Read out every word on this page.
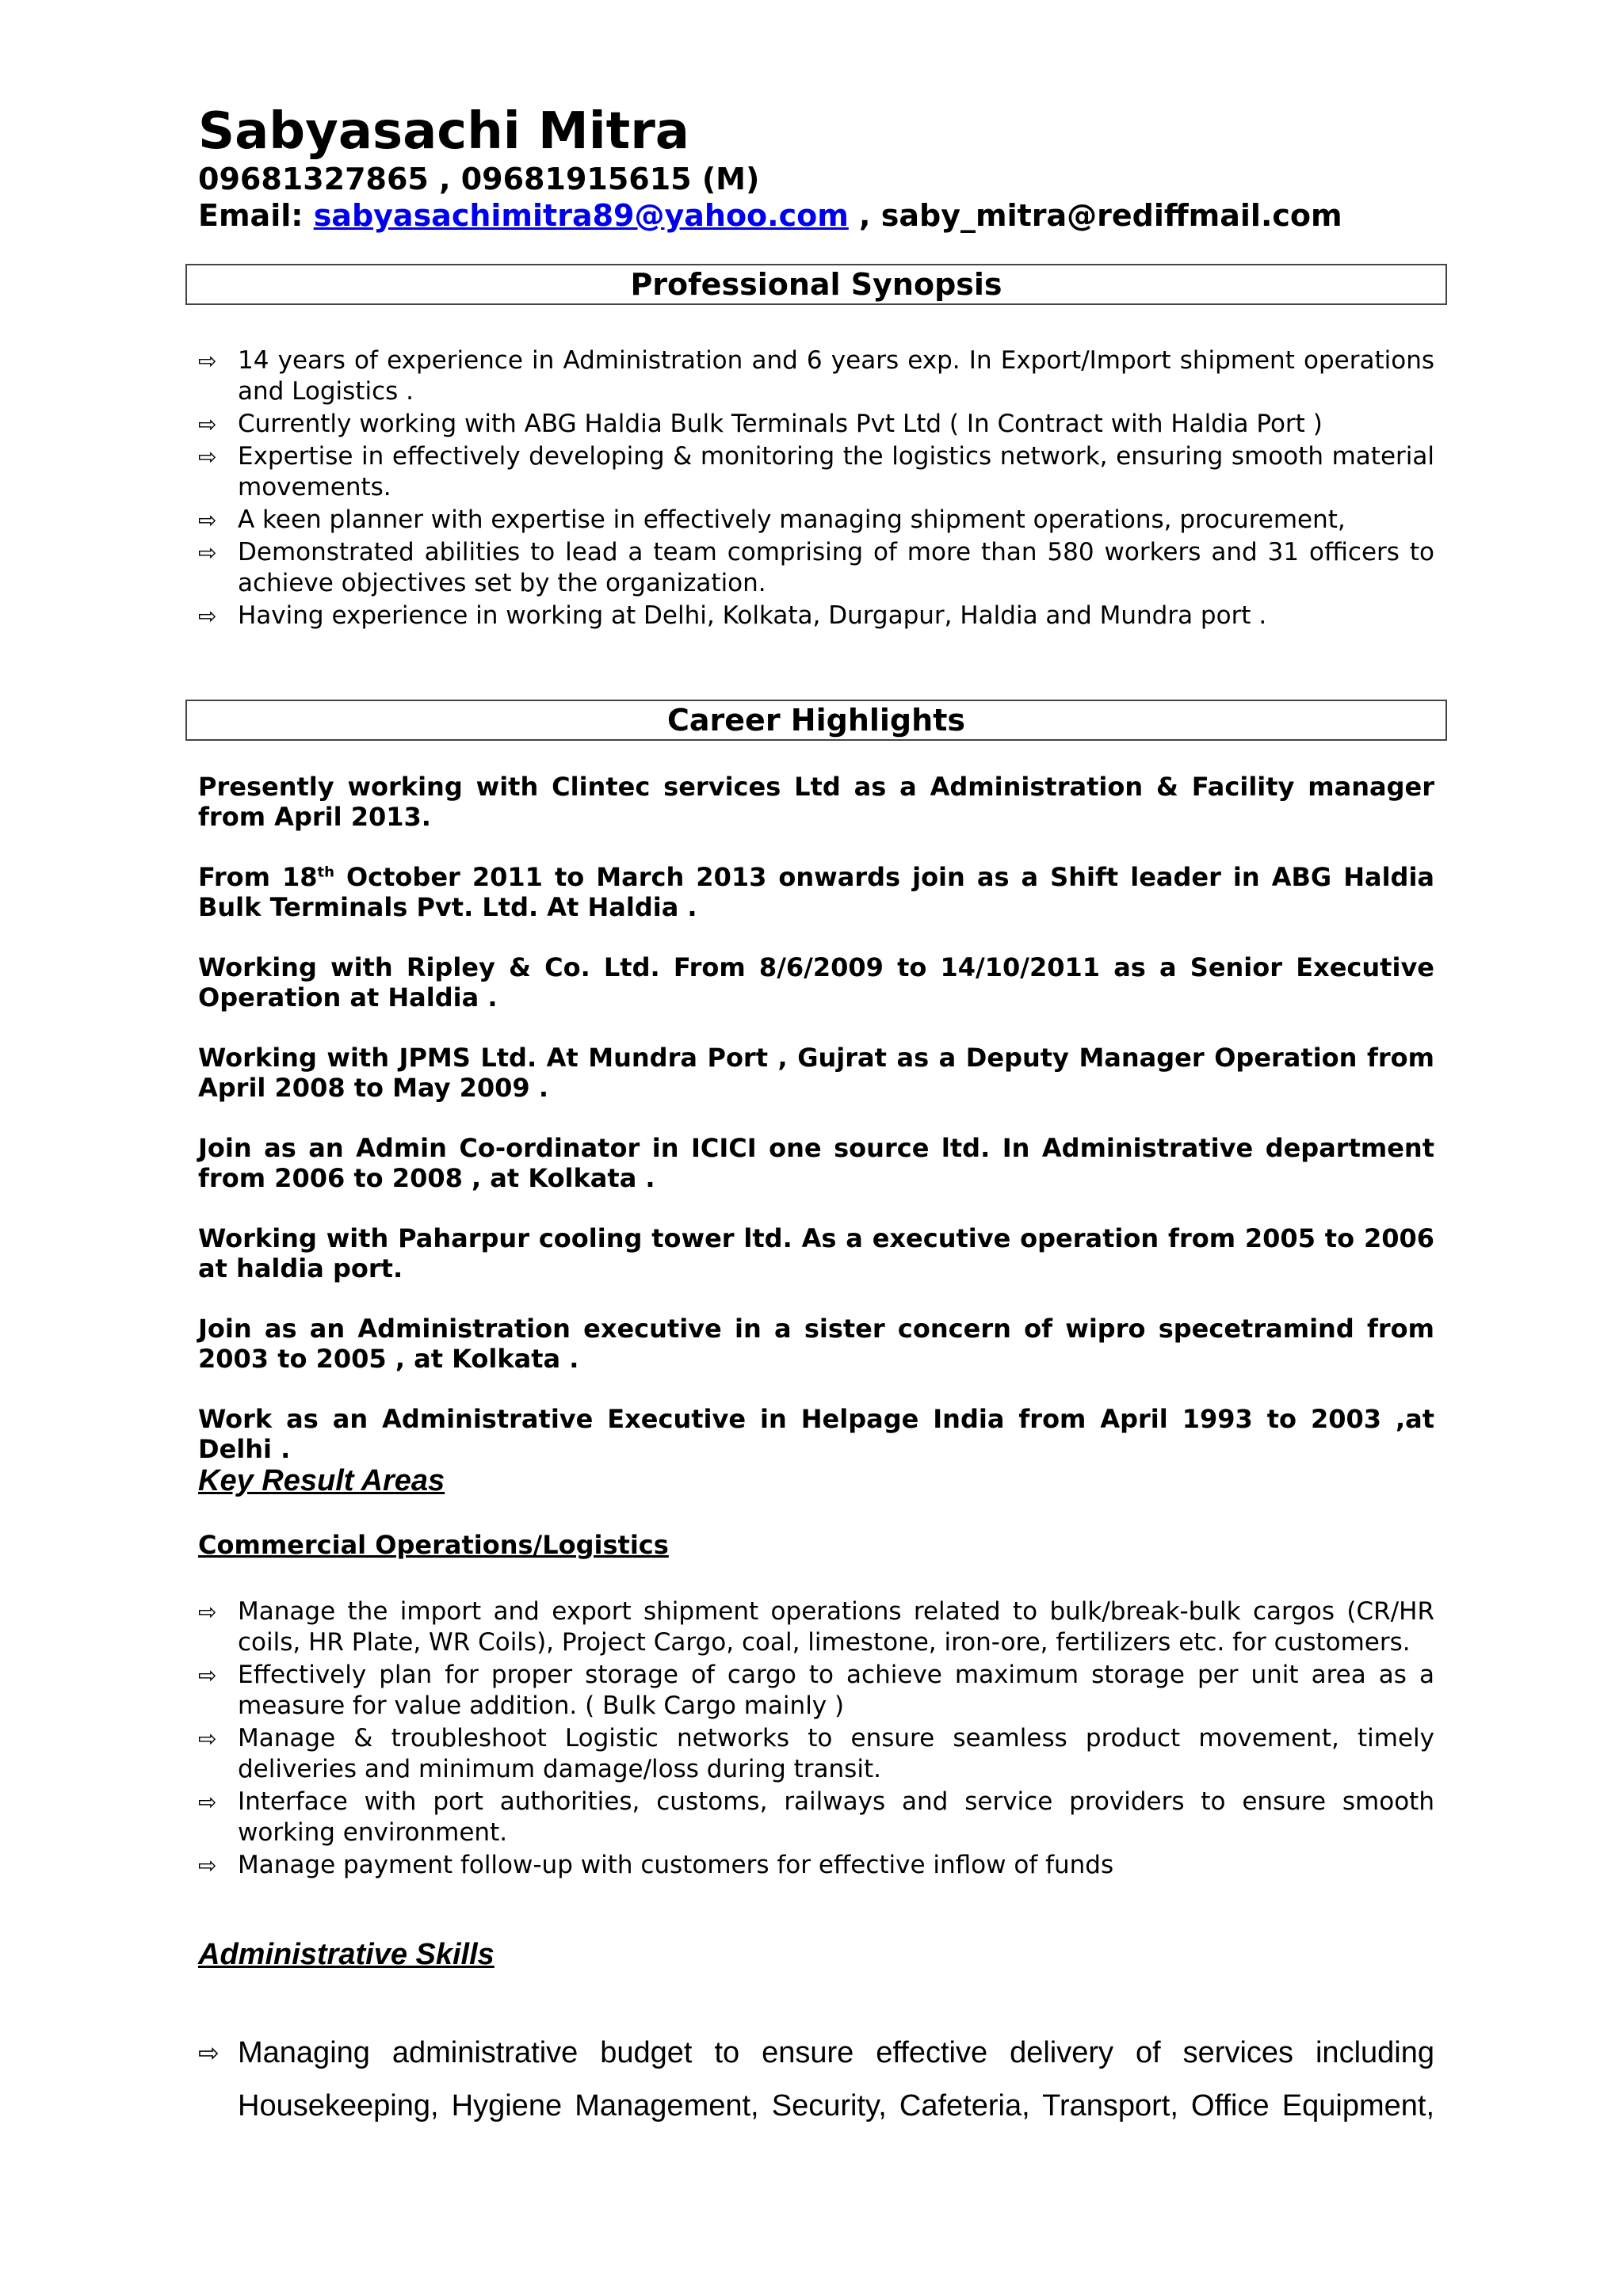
Sabyasachi Mitra
09681327865 , 09681915615 (M)
Email: sabyasachimitra89@yahoo.com , saby_mitra@rediffmail.com
Professional Synopsis
⇨ 14 years of experience in Administration and 6 years exp. In Export/Import shipment operations and Logistics .
⇨ Currently working with ABG Haldia Bulk Terminals Pvt Ltd ( In Contract with Haldia Port )
⇨ Expertise in effectively developing & monitoring the logistics network, ensuring smooth material movements.
⇨ A keen planner with expertise in effectively managing shipment operations, procurement,
⇨ Demonstrated abilities to lead a team comprising of more than 580 workers and 31 officers to achieve objectives set by the organization.
⇨ Having experience in working at Delhi, Kolkata, Durgapur, Haldia and Mundra port .
Career Highlights

Presently working with Clintec services Ltd as a Administration & Facility manager from April 2013.

From 18th October 2011 to March 2013 onwards join as a Shift leader in ABG Haldia Bulk Terminals Pvt. Ltd. At Haldia .

Working with Ripley & Co. Ltd. From 8/6/2009 to 14/10/2011 as a Senior Executive Operation at Haldia .

Working with JPMS Ltd. At Mundra Port , Gujrat as a Deputy Manager Operation from April 2008 to May 2009 .

Join as an Admin Co-ordinator in ICICI one source ltd. In Administrative department from 2006 to 2008 , at Kolkata .

Working with Paharpur cooling tower ltd. As a executive operation from 2005 to 2006 at haldia port.

Join as an Administration executive in a sister concern of wipro specetramind from 2003 to 2005 , at Kolkata .

Work as an Administrative Executive in Helpage India from April 1993 to 2003 ,at Delhi .

Key Result Areas
Commercial Operations/Logistics
⇨ Manage the import and export shipment operations related to bulk/break-bulk cargos (CR/HR coils, HR Plate, WR Coils), Project Cargo, coal, limestone, iron-ore, fertilizers etc. for customers.
⇨ Effectively plan for proper storage of cargo to achieve maximum storage per unit area as a measure for value addition. ( Bulk Cargo mainly )
⇨ Manage & troubleshoot Logistic networks to ensure seamless product movement, timely deliveries and minimum damage/loss during transit.
⇨ Interface with port authorities, customs, railways and service providers to ensure smooth working environment.
⇨ Manage payment follow-up with customers for effective inflow of funds
Administrative Skills
⇨ Managing administrative budget to ensure effective delivery of services including Housekeeping, Hygiene Management, Security, Cafeteria, Transport, Office Equipment,
